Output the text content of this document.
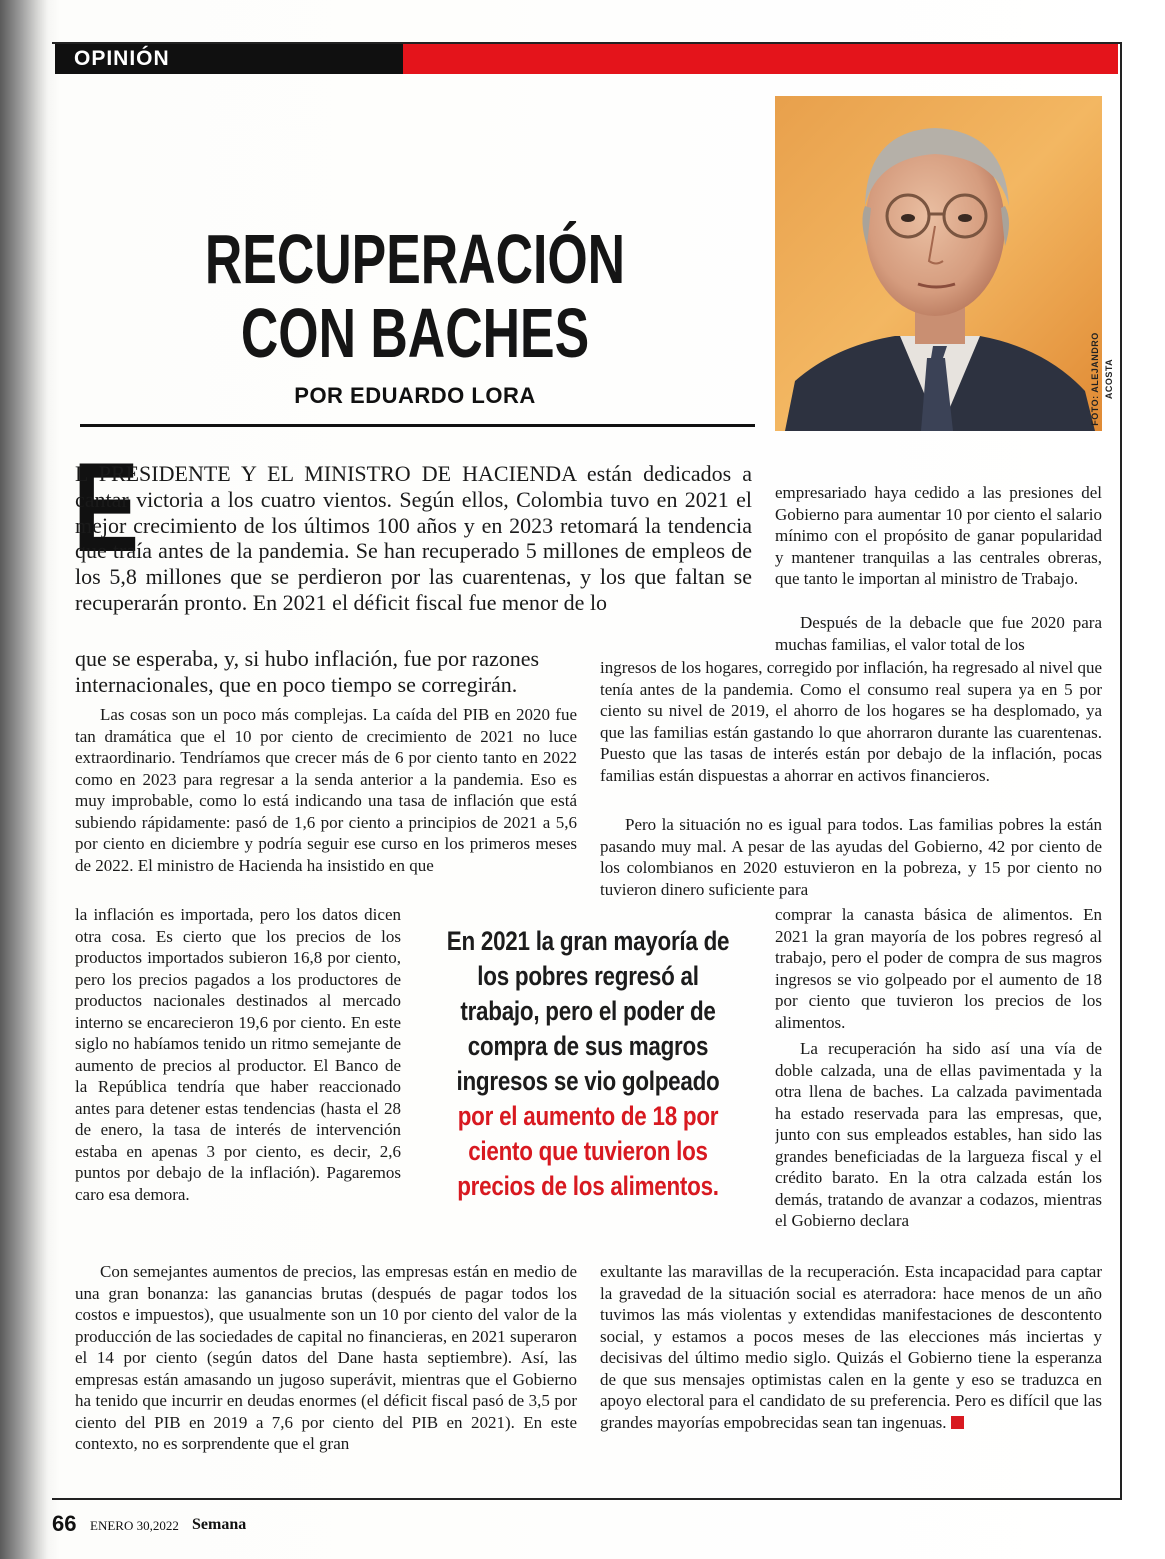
OPINIÓN
FOTO: ALEJANDRO ACOSTA
RECUPERACIÓN
CON BACHES
POR EDUARDO LORA
E

L PRESIDENTE Y EL MINISTRO DE HACIENDA están dedicados a cantar victoria a los cuatro vientos. Según ellos, Colombia tuvo en 2021 el mejor crecimiento de los últimos 100 años y en 2023 retomará la tendencia que traía antes de la pandemia. Se han recuperado 5 millones de empleos de los 5,8 millones que se perdieron por las cuarentenas, y los que faltan se recuperarán pronto. En 2021 el déficit fiscal fue menor de lo

que se esperaba, y, si hubo inflación, fue por razones internacionales, que en poco tiempo se corregirán.

Las cosas son un poco más complejas. La caída del PIB en 2020 fue tan dramática que el 10 por ciento de crecimiento de 2021 no luce extraordinario. Tendríamos que crecer más de 6 por ciento tanto en 2022 como en 2023 para regresar a la senda anterior a la pandemia. Eso es muy improbable, como lo está indicando una tasa de inflación que está subiendo rápidamente: pasó de 1,6 por ciento a principios de 2021 a 5,6 por ciento en diciembre y podría seguir ese curso en los primeros meses de 2022. El ministro de Hacienda ha insistido en que

la inflación es importada, pero los datos dicen otra cosa. Es cierto que los precios de los productos importados subieron 16,8 por ciento, pero los precios pagados a los productores de productos nacionales destinados al mercado interno se encarecieron 19,6 por ciento. En este siglo no habíamos tenido un ritmo semejante de aumento de precios al productor. El Banco de la República tendría que haber reaccionado antes para detener estas tendencias (hasta el 28 de enero, la tasa de interés de intervención estaba en apenas 3 por ciento, es decir, 2,6 puntos por debajo de la inflación). Pagaremos caro esa demora.

Con semejantes aumentos de precios, las empresas están en medio de una gran bonanza: las ganancias brutas (después de pagar todos los costos e impuestos), que usualmente son un 10 por ciento del valor de la producción de las sociedades de capital no financieras, en 2021 superaron el 14 por ciento (según datos del Dane hasta septiembre). Así, las empresas están amasando un jugoso superávit, mientras que el Gobierno ha tenido que incurrir en deudas enormes (el déficit fiscal pasó de 3,5 por ciento del PIB en 2019 a 7,6 por ciento del PIB en 2021). En este contexto, no es sorprendente que el gran

empresariado haya cedido a las presiones del Gobierno para aumentar 10 por ciento el salario mínimo con el propósito de ganar popularidad y mantener tranquilas a las centrales obreras, que tanto le importan al ministro de Trabajo.

Después de la debacle que fue 2020 para muchas familias, el valor total de los

ingresos de los hogares, corregido por inflación, ha regresado al nivel que tenía antes de la pandemia. Como el consumo real supera ya en 5 por ciento su nivel de 2019, el ahorro de los hogares se ha desplomado, ya que las familias están gastando lo que ahorraron durante las cuarentenas. Puesto que las tasas de interés están por debajo de la inflación, pocas familias están dispuestas a ahorrar en activos financieros.

Pero la situación no es igual para todos. Las familias pobres la están pasando muy mal. A pesar de las ayudas del Gobierno, 42 por ciento de los colombianos en 2020 estuvieron en la pobreza, y 15 por ciento no tuvieron dinero suficiente para

comprar la canasta básica de alimentos. En 2021 la gran mayoría de los pobres regresó al trabajo, pero el poder de compra de sus magros ingresos se vio golpeado por el aumento de 18 por ciento que tuvieron los precios de los alimentos.

La recuperación ha sido así una vía de doble calzada, una de ellas pavimentada y la otra llena de baches. La calzada pavimentada ha estado reservada para las empresas, que, junto con sus empleados estables, han sido las grandes beneficiadas de la largueza fiscal y el crédito barato. En la otra calzada están los demás, tratando de avanzar a codazos, mientras el Gobierno declara

exultante las maravillas de la recuperación. Esta incapacidad para captar la gravedad de la situación social es aterradora: hace menos de un año tuvimos las más violentas y extendidas manifestaciones de descontento social, y estamos a pocos meses de las elecciones más inciertas y decisivas del último medio siglo. Quizás el Gobierno tiene la esperanza de que sus mensajes optimistas calen en la gente y eso se traduzca en apoyo electoral para el candidato de su preferencia. Pero es difícil que las grandes mayorías empobrecidas sean tan ingenuas.

En 2021 la gran mayoría de los pobres regresó al trabajo, pero el poder de compra de sus magros ingresos se vio golpeado por el aumento de 18 por ciento que tuvieron los precios de los alimentos.
66 ENERO 30,2022 Semana
